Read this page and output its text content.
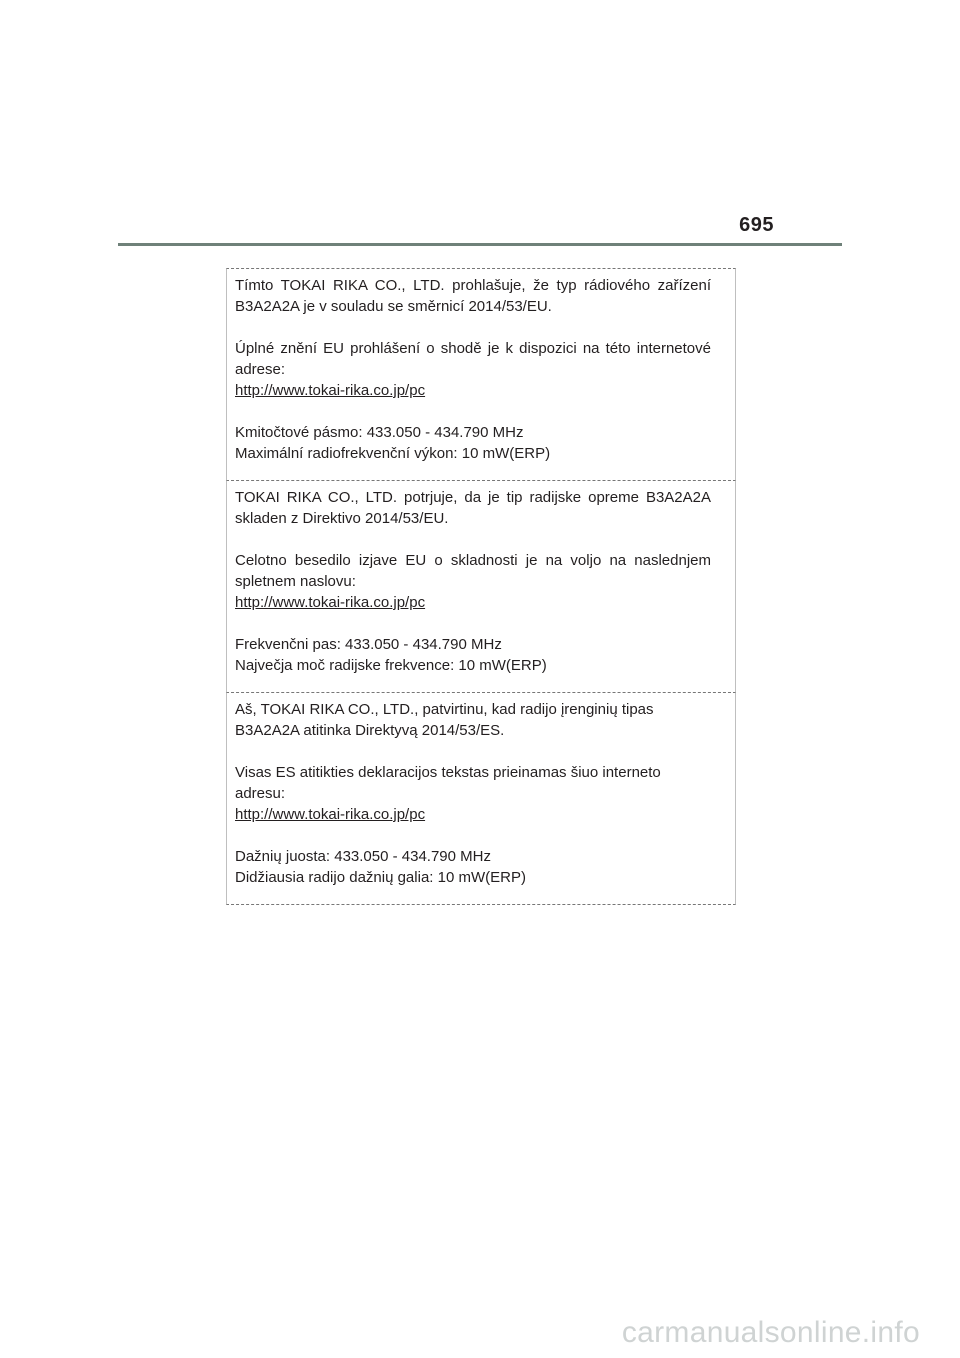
695

Tímto TOKAI RIKA CO., LTD. prohlašuje, že typ rádiového zařízení B3A2A2A je v souladu se směrnicí 2014/53/EU.

Úplné znění EU prohlášení o shodě je k dispozici na této internetové adrese:
http://www.tokai-rika.co.jp/pc

Kmitočtové pásmo: 433.050 - 434.790 MHz

Maximální radiofrekvenční výkon: 10 mW(ERP)

TOKAI RIKA CO., LTD. potrjuje, da je tip radijske opreme B3A2A2A skladen z Direktivo 2014/53/EU.

Celotno besedilo izjave EU o skladnosti je na voljo na naslednjem spletnem naslovu:
http://www.tokai-rika.co.jp/pc

Frekvenčni pas: 433.050 - 434.790 MHz

Največja moč radijske frekvence: 10 mW(ERP)

Aš, TOKAI RIKA CO., LTD., patvirtinu, kad radijo įrenginių tipas
B3A2A2A atitinka Direktyvą 2014/53/ES.

Visas ES atitikties deklaracijos tekstas prieinamas šiuo interneto
adresu:
http://www.tokai-rika.co.jp/pc

Dažnių juosta: 433.050 - 434.790 MHz

Didžiausia radijo dažnių galia: 10 mW(ERP)

carmanualsonline.info
